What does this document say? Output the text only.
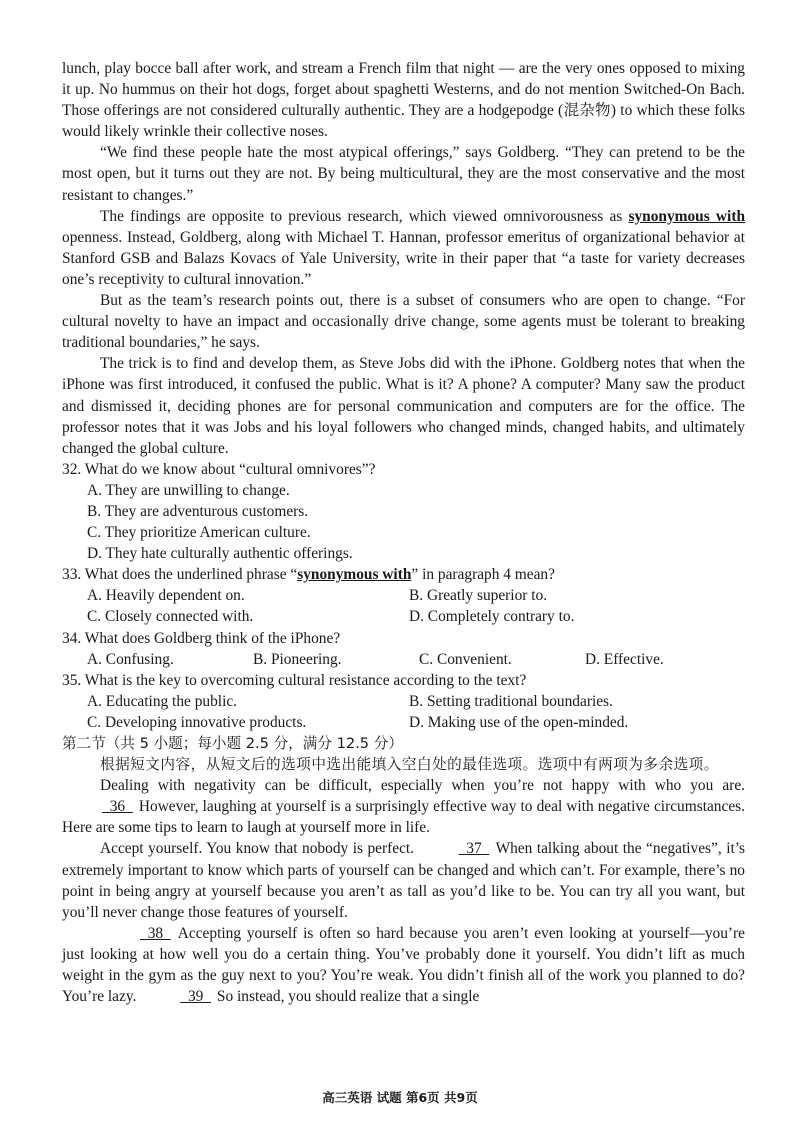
lunch, play bocce ball after work, and stream a French film that night — are the very ones opposed to mixing it up. No hummus on their hot dogs, forget about spaghetti Westerns, and do not mention Switched-On Bach. Those offerings are not considered culturally authentic. They are a hodgepodge (混杂物) to which these folks would likely wrinkle their collective noses.

“We find these people hate the most atypical offerings,” says Goldberg. “They can pretend to be the most open, but it turns out they are not. By being multicultural, they are the most conservative and the most resistant to changes.”

The findings are opposite to previous research, which viewed omnivorousness as synonymous with openness. Instead, Goldberg, along with Michael T. Hannan, professor emeritus of organizational behavior at Stanford GSB and Balazs Kovacs of Yale University, write in their paper that “a taste for variety decreases one’s receptivity to cultural innovation.”

But as the team’s research points out, there is a subset of consumers who are open to change. “For cultural novelty to have an impact and occasionally drive change, some agents must be tolerant to breaking traditional boundaries,” he says.

The trick is to find and develop them, as Steve Jobs did with the iPhone. Goldberg notes that when the iPhone was first introduced, it confused the public. What is it? A phone? A computer? Many saw the product and dismissed it, deciding phones are for personal communication and computers are for the office. The professor notes that it was Jobs and his loyal followers who changed minds, changed habits, and ultimately changed the global culture.

32. What do we know about “cultural omnivores”?

A. They are unwilling to change.

B. They are adventurous customers.

C. They prioritize American culture.

D. They hate culturally authentic offerings.

33. What does the underlined phrase “synonymous with” in paragraph 4 mean?

A. Heavily dependent on.	B. Greatly superior to.
C. Closely connected with.	D. Completely contrary to.

34. What does Goldberg think of the iPhone?

A. Confusing.	B. Pioneering.	C. Convenient.	D. Effective.

35. What is the key to overcoming cultural resistance according to the text?

A. Educating the public.	B. Setting traditional boundaries.
C. Developing innovative products.	D. Making use of the open-minded.

第二节（共 5 小题；每小题 2.5 分，满分 12.5 分）

根据短文内容，从短文后的选项中选出能填入空白处的最佳选项。选项中有两项为多余选项。

Dealing with negativity can be difficult, especially when you’re not happy with who you are.   36   However, laughing at yourself is a surprisingly effective way to deal with negative circumstances. Here are some tips to learn to laugh at yourself more in life.

Accept yourself. You know that nobody is perfect.	37   When talking about the “negatives”, it’s extremely important to know which parts of yourself can be changed and which can’t. For example, there’s no point in being angry at yourself because you aren’t as tall as you’d like to be. You can try all you want, but you’ll never change those features of yourself.

38   Accepting yourself is often so hard because you aren’t even looking at yourself—you’re just looking at how well you do a certain thing. You’ve probably done it yourself. You didn’t lift as much weight in the gym as the guy next to you? You’re weak. You didn’t finish all of the work you planned to do? You’re lazy.	39   So instead, you should realize that a single

高三英语 试题 第6页 共9页
